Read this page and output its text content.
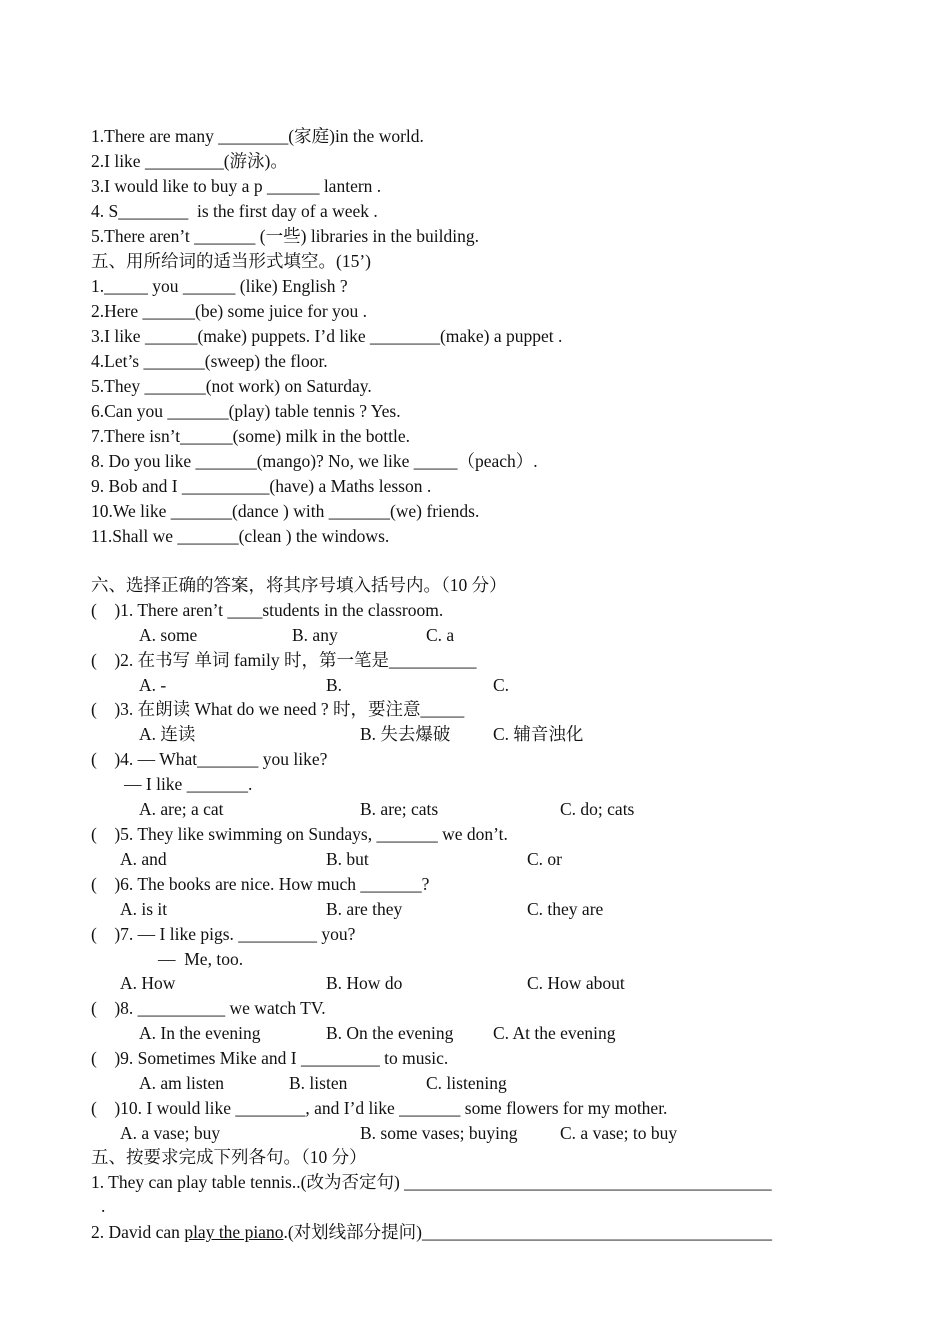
1.There are many ________(家庭)in the world.
2.I like _________(游泳)。
3.I would like to buy a p ______ lantern .
4. S________  is the first day of a week .
5.There aren’t _______ (一些) libraries in the building.
五、用所给词的适当形式填空。(15’)
1._____ you ______ (like) English ?
2.Here ______(be) some juice for you .
3.I like ______(make) puppets. I’d like ________(make) a puppet .
4.Let’s _______(sweep) the floor.
5.They _______(not work) on Saturday.
6.Can you _______(play) table tennis ? Yes.
7.There isn’t______(some) milk in the bottle.
8. Do you like _______(mango)? No, we like _____（peach）.
9. Bob and I __________(have) a Maths lesson .
10.We like _______(dance ) with _______(we) friends.
11.Shall we _______(clean ) the windows.
六、选择正确的答案，将其序号填入括号内。（10 分）
(    )1. There aren’t ____students in the classroom.
A. some	B. any	C. a
(    )2. 在书写 单词 family 时，第一笔是__________
A. -	B.	C.
(    )3. 在朗读 What do we need ? 时，要注意_____
A. 连读	B. 失去爆破 C. 辅音浊化
(    )4. — What_______ you like?
— I like _______.
A. are; a cat	B. are; cats	C. do; cats
(    )5. They like swimming on Sundays, _______ we don’t.
A. and	B. but	C. or
(    )6. The books are nice. How much _______?
A. is it	B. are they	C. they are
(    )7. — I like pigs. _________ you?
—  Me, too.
A. How	B. How do	C. How about
(    )8. __________ we watch TV.
A. In the evening	B. On the evening C. At the evening
(    )9. Sometimes Mike and I _________ to music.
A. am listen	B. listen	C. listening
(    )10. I would like ________, and I’d like _______ some flowers for my mother.
A. a vase; buy	B. some vases; buying C. a vase; to buy
五、按要求完成下列各句。（10 分）
1. They can play table tennis..(改为否定句) __________________________________________
.
2. David can play the piano.(对划线部分提问)________________________________________
